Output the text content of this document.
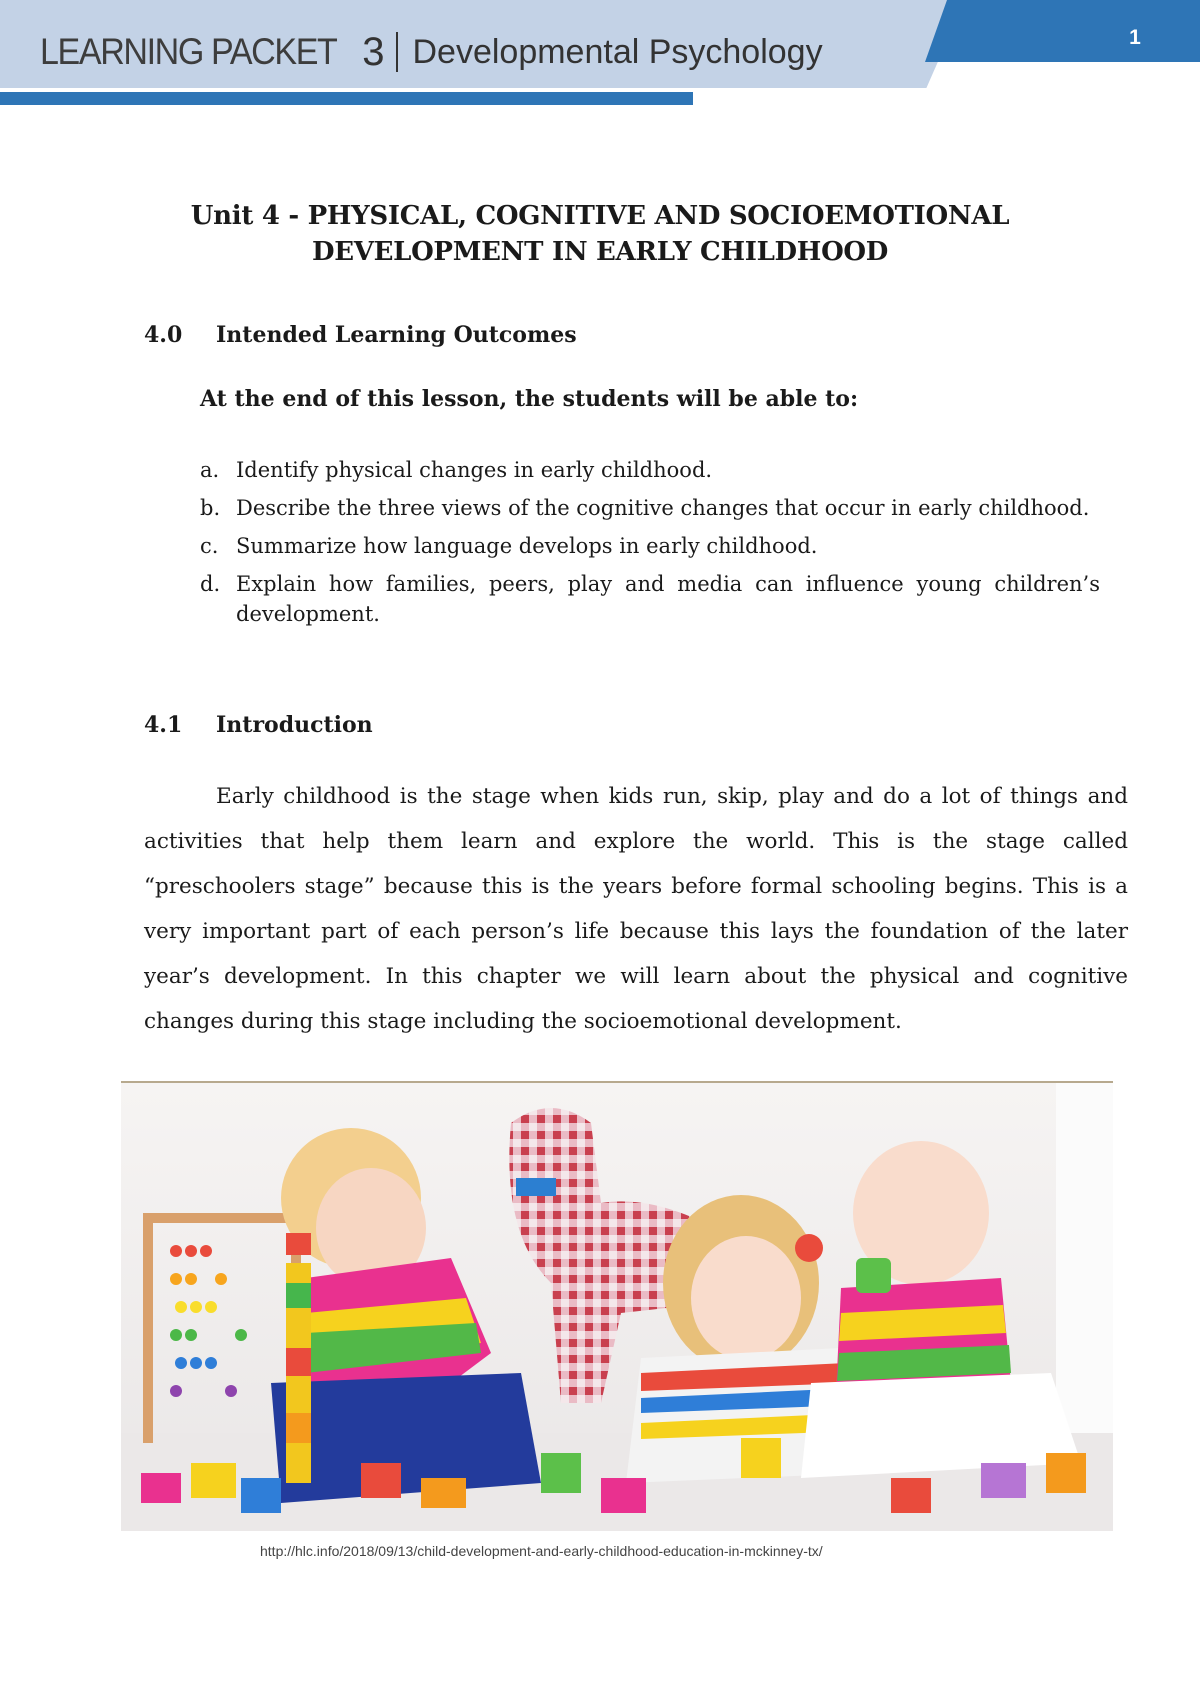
LEARNING PACKET 3 Developmental Psychology	1
Unit 4 - PHYSICAL, COGNITIVE AND SOCIOEMOTIONAL
DEVELOPMENT IN EARLY CHILDHOOD
4.0 Intended Learning Outcomes
At the end of this lesson, the students will be able to:
a. Identify physical changes in early childhood.
b. Describe the three views of the cognitive changes that occur in early childhood.
c. Summarize how language develops in early childhood.
d. Explain how families, peers, play and media can influence young children’s development.
4.1 Introduction

Early childhood is the stage when kids run, skip, play and do a lot of things and activities that help them learn and explore the world. This is the stage called “preschoolers stage” because this is the years before formal schooling begins. This is a very important part of each person’s life because this lays the foundation of the later year’s development. In this chapter we will learn about the physical and cognitive changes during this stage including the socioemotional development.

http://hlc.info/2018/09/13/child-development-and-early-childhood-education-in-mckinney-tx/
